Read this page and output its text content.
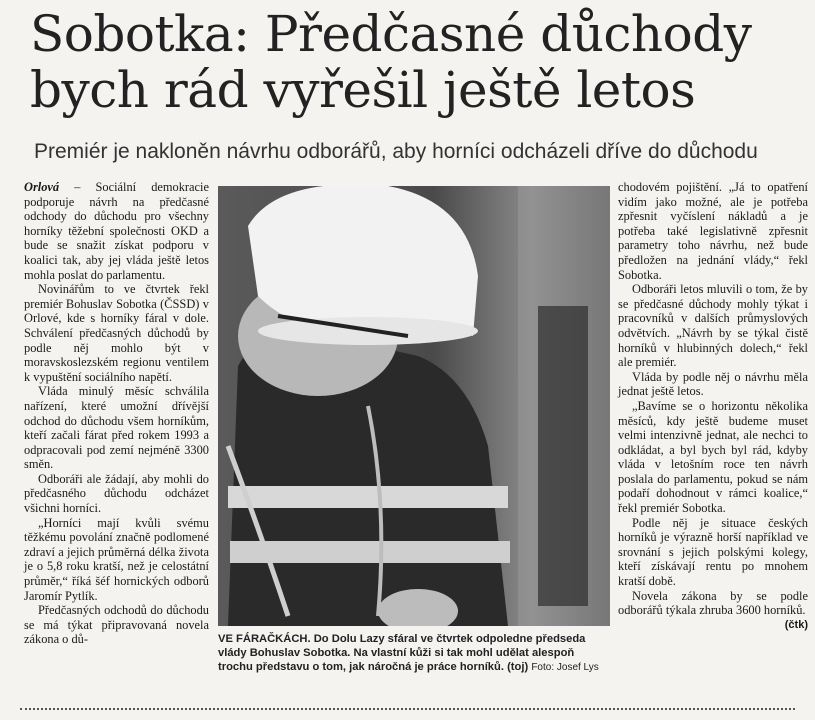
Sobotka: Předčasné důchody
bych rád vyřešil ještě letos

Premiér je nakloněn návrhu odborářů, aby horníci odcházeli dříve do důchodu

Orlová – Sociální demokracie podporuje návrh na předčasné odchody do důchodu pro všechny horníky těžební společnosti OKD a bude se snažit získat podporu v koalici tak, aby jej vláda ještě letos mohla poslat do parlamentu.

Novinářům to ve čtvrtek řekl premiér Bohuslav Sobotka (ČSSD) v Orlové, kde s horníky fáral v dole. Schválení předčasných důchodů by podle něj mohlo být v moravskoslezském regionu ventilem k vypuštění sociálního napětí.

Vláda minulý měsíc schválila nařízení, které umožní dřívější odchod do důchodu všem horníkům, kteří začali fárat před rokem 1993 a odpracovali pod zemí nejméně 3300 směn.

Odboráři ale žádají, aby mohli do předčasného důchodu odcházet všichni horníci.

„Horníci mají kvůli svému těžkému povolání značně podlomené zdraví a jejich průměrná délka života je o 5,8 roku kratší, než je celostátní průměr,“ říká šéf hornických odborů Jaromír Pytlík.

Předčasných odchodů do důchodu se má týkat připravovaná novela zákona o dů-	VE FÁRAČKÁCH. Do Dolu Lazy sfáral ve čtvrtek odpoledne předseda vlády Bohuslav Sobotka. Na vlastní kůži si tak mohl udělat alespoň trochu představu o tom, jak náročná je práce horníků. (toj) Foto: Josef Lys

chodovém pojištění. „Já to opatření vidím jako možné, ale je potřeba zpřesnit vyčíslení nákladů a je potřeba také legislativně zpřesnit parametry toho návrhu, než bude předložen na jednání vlády,“ řekl Sobotka.

Odboráři letos mluvili o tom, že by se předčasné důchody mohly týkat i pracovníků v dalších průmyslových odvětvích. „Návrh by se týkal čistě horníků v hlubinných dolech,“ řekl ale premiér.

Vláda by podle něj o návrhu měla jednat ještě letos.

„Bavíme se o horizontu několika měsíců, kdy ještě budeme muset velmi intenzivně jednat, ale nechci to odkládat, a byl bych byl rád, kdyby vláda v letošním roce ten návrh poslala do parlamentu, pokud se nám podaří dohodnout v rámci koalice,“ řekl premiér Sobotka.

Podle něj je situace českých horníků je výrazně horší například ve srovnání s jejich polskými kolegy, kteří získávají rentu po mnohem kratší době.

Novela zákona by se podle odborářů týkala zhruba 3600 horníků.
(čtk)
